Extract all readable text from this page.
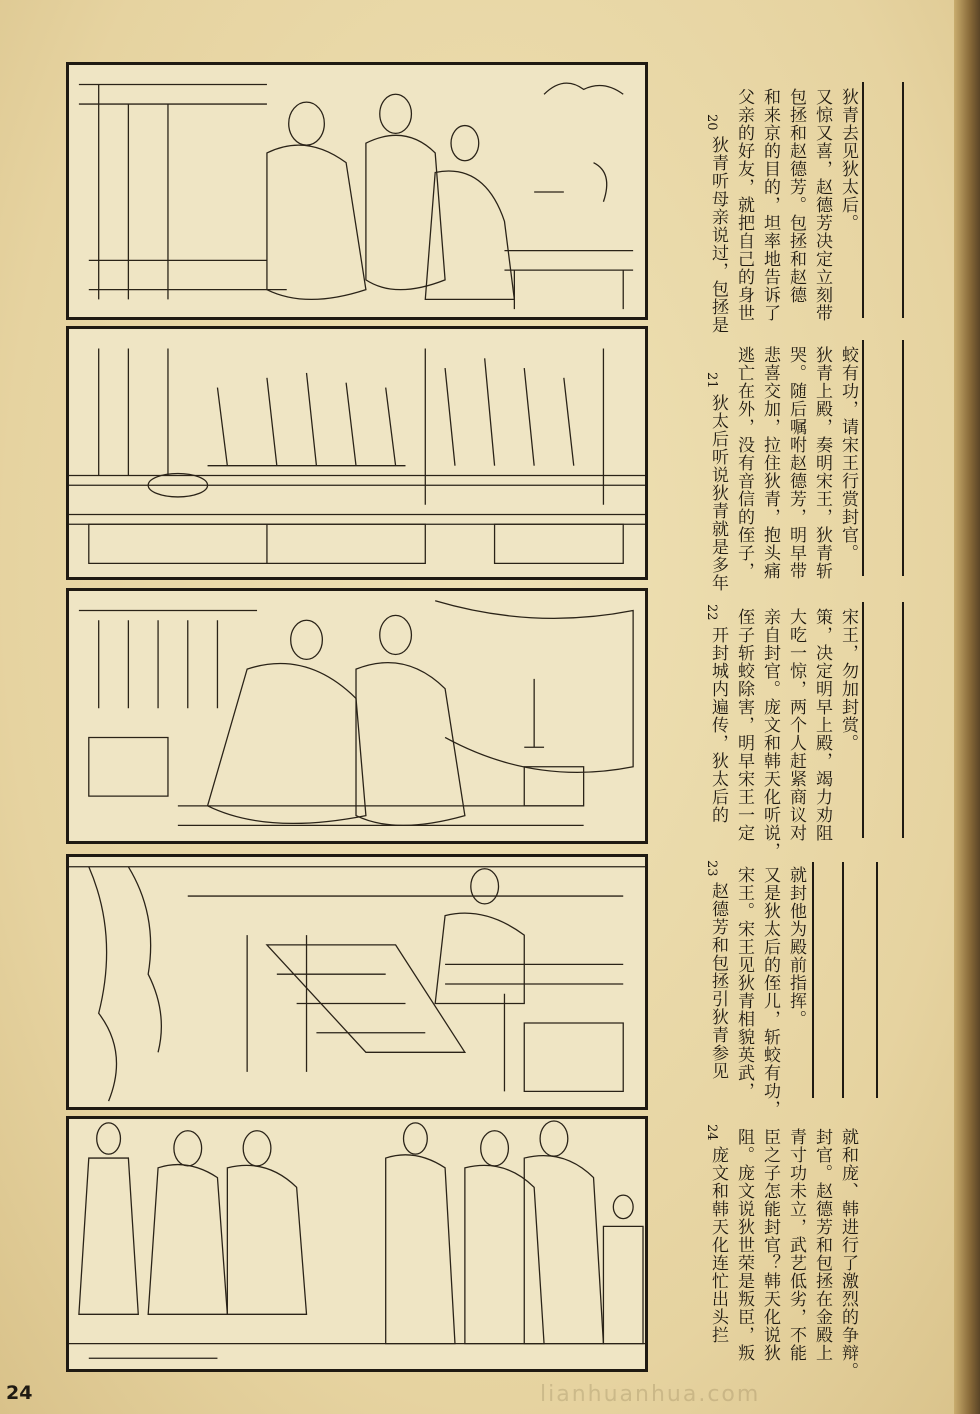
20
狄青听母亲说过，包拯是 父亲的好友，就把自己的身世 和来京的目的，坦率地告诉了 包拯和赵德芳。包拯和赵德 又惊又喜，赵德芳决定立刻带 狄青去见狄太后。
21
狄太后听说狄青就是多年 逃亡在外，没有音信的侄子， 悲喜交加，拉住狄青，抱头痛 哭。随后嘱咐赵德芳，明早带 狄青上殿，奏明宋王，狄青斩 蛟有功，请宋王行赏封官。
22
开封城内遍传，狄太后的 侄子斩蛟除害，明早宋王一定 亲自封官。庞文和韩天化听说， 大吃一惊，两个人赶紧商议对 策，决定明早上殿，竭力劝阻 宋王，勿加封赏。
23
赵德芳和包拯引狄青参见 宋王。宋王见狄青相貌英武， 又是狄太后的侄儿，斩蛟有功， 就封他为殿前指挥。
24
庞文和韩天化连忙出头拦 阻。庞文说狄世荣是叛臣，叛 臣之子怎能封官？韩天化说狄 青寸功未立，武艺低劣，不能 封官。赵德芳和包拯在金殿上 就和庞、韩进行了激烈的争辩。
24	lianhuanhua.com
